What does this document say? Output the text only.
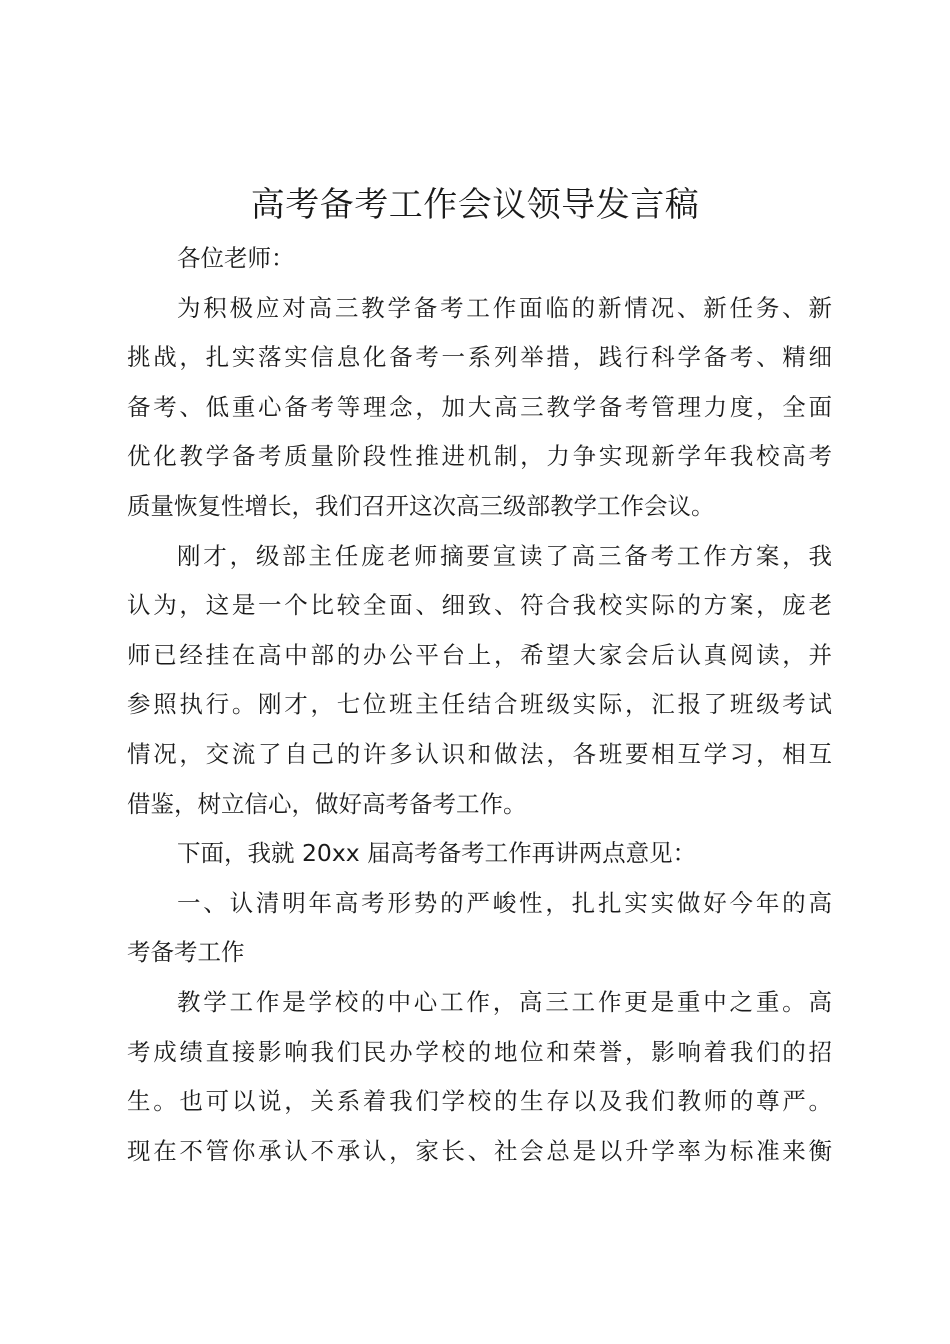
高考备考工作会议领导发言稿
各位老师：
为积极应对高三教学备考工作面临的新情况、新任务、新
挑战，扎实落实信息化备考一系列举措，践行科学备考、精细
备考、低重心备考等理念，加大高三教学备考管理力度，全面
优化教学备考质量阶段性推进机制，力争实现新学年我校高考
质量恢复性增长，我们召开这次高三级部教学工作会议。
刚才，级部主任庞老师摘要宣读了高三备考工作方案，我
认为，这是一个比较全面、细致、符合我校实际的方案，庞老
师已经挂在高中部的办公平台上，希望大家会后认真阅读，并
参照执行。刚才，七位班主任结合班级实际，汇报了班级考试
情况，交流了自己的许多认识和做法，各班要相互学习，相互
借鉴，树立信心，做好高考备考工作。
下面，我就 20xx 届高考备考工作再讲两点意见：
一、认清明年高考形势的严峻性，扎扎实实做好今年的高
考备考工作
教学工作是学校的中心工作，高三工作更是重中之重。高
考成绩直接影响我们民办学校的地位和荣誉，影响着我们的招
生。也可以说，关系着我们学校的生存以及我们教师的尊严。
现在不管你承认不承认，家长、社会总是以升学率为标准来衡
